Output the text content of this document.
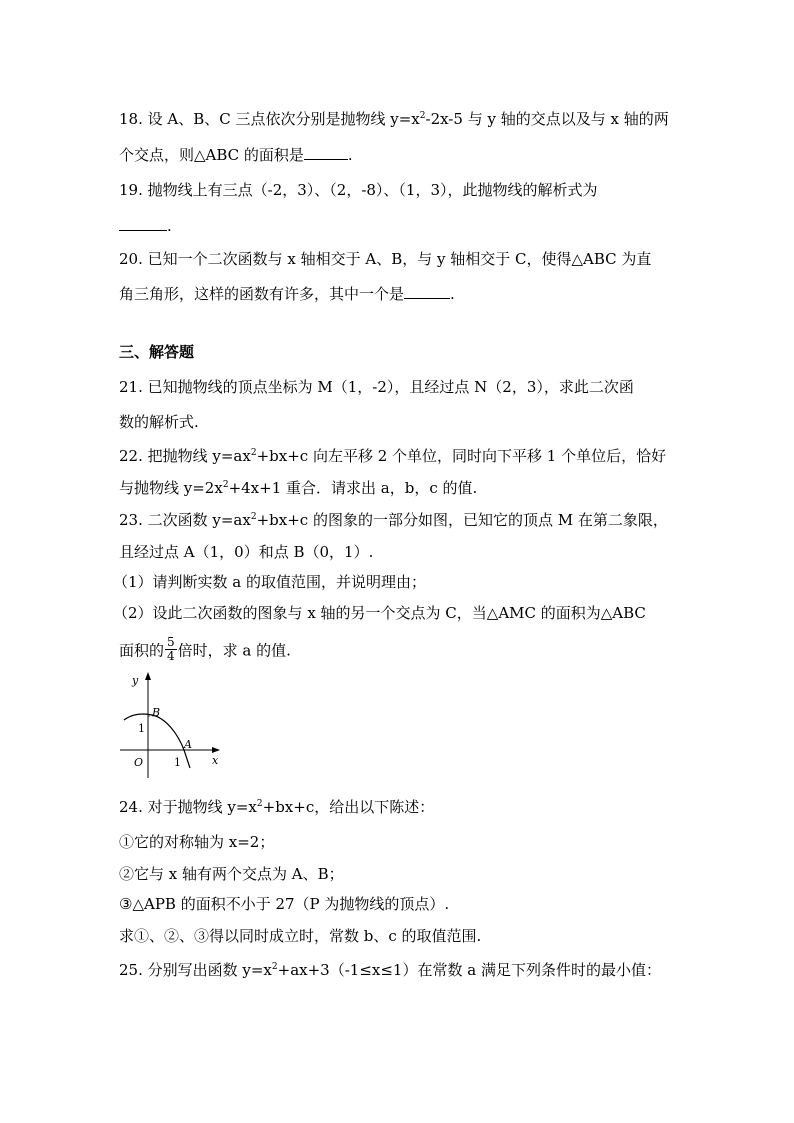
18. 设 A、B、C 三点依次分别是抛物线 $y=x^2-2x-5$ 与 y 轴的交点以及与 x 轴的两
个交点，则△ABC 的面积是	.
19. 抛物线上有三点（-2，3）、（2，-8）、（1，3），此抛物线的解析式为
.
20. 已知一个二次函数与 x 轴相交于 A、B，与 y 轴相交于 C，使得△ABC 为直
角三角形，这样的函数有许多，其中一个是	.
三、解答题
21. 已知抛物线的顶点坐标为 M（1，-2），且经过点 N（2，3），求此二次函
数的解析式.
22. 把抛物线 $y=ax^2+bx+c$ 向左平移 2 个单位，同时向下平移 1 个单位后，恰好
与抛物线 $y=2x^2+4x+1$ 重合．请求出 a，b，c 的值.
23. 二次函数 $y=ax^2+bx+c$ 的图象的一部分如图，已知它的顶点 M 在第二象限，
且经过点 A（1，0）和点 B（0，1）.
（1）请判断实数 a 的取值范围，并说明理由；
（2）设此二次函数的图象与 x 轴的另一个交点为 C，当△AMC 的面积为△ABC
面积的 $\frac{5}{4}$ 倍时，求 a 的值.
y
x
O
B
A
1
1
24. 对于抛物线 $y=x^2+bx+c$，给出以下陈述：
①它的对称轴为 x=2；
②它与 x 轴有两个交点为 A、B；
③△APB 的面积不小于 27（P 为抛物线的顶点）.
求①、②、③得以同时成立时，常数 b、c 的取值范围.
25. 分别写出函数 $y=x^2+ax+3(-1\le x\le 1)$在常数 a 满足下列条件时的最小值：
